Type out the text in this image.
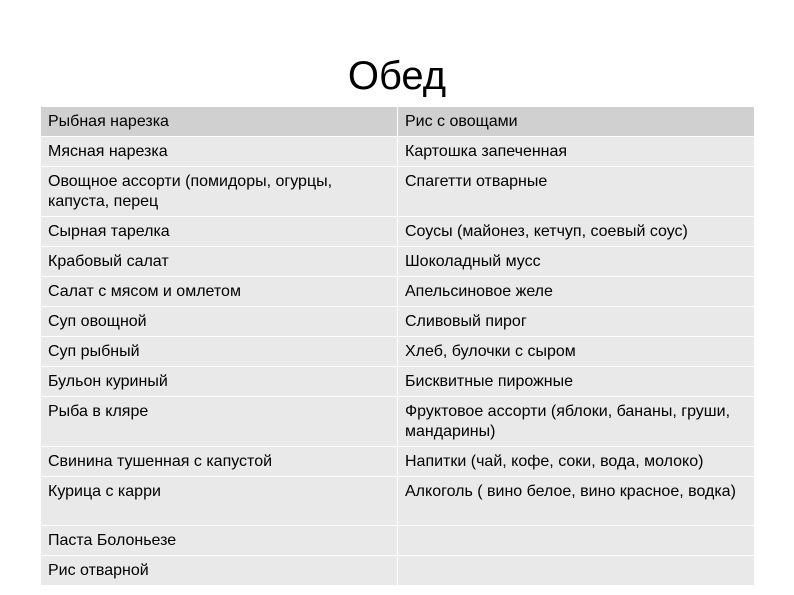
Обед
Рыбная нарезка	Рис с овощами
Мясная нарезка	Картошка запеченная
Овощное ассорти (помидоры, огурцы, капуста, перец	Спагетти отварные
Сырная тарелка	Соусы (майонез, кетчуп, соевый соус)
Крабовый салат	Шоколадный мусс
Салат с мясом и омлетом	Апельсиновое желе
Суп овощной	Сливовый пирог
Суп рыбный	Хлеб, булочки с сыром
Бульон куриный	Бисквитные пирожные
Рыба в кляре	Фруктовое ассорти (яблоки, бананы, груши, мандарины)
Свинина тушенная с капустой	Напитки (чай, кофе, соки, вода, молоко)
Курица с карри	Алкоголь ( вино белое, вино красное, водка)
Паста Болоньезе	
Рис отварной	
